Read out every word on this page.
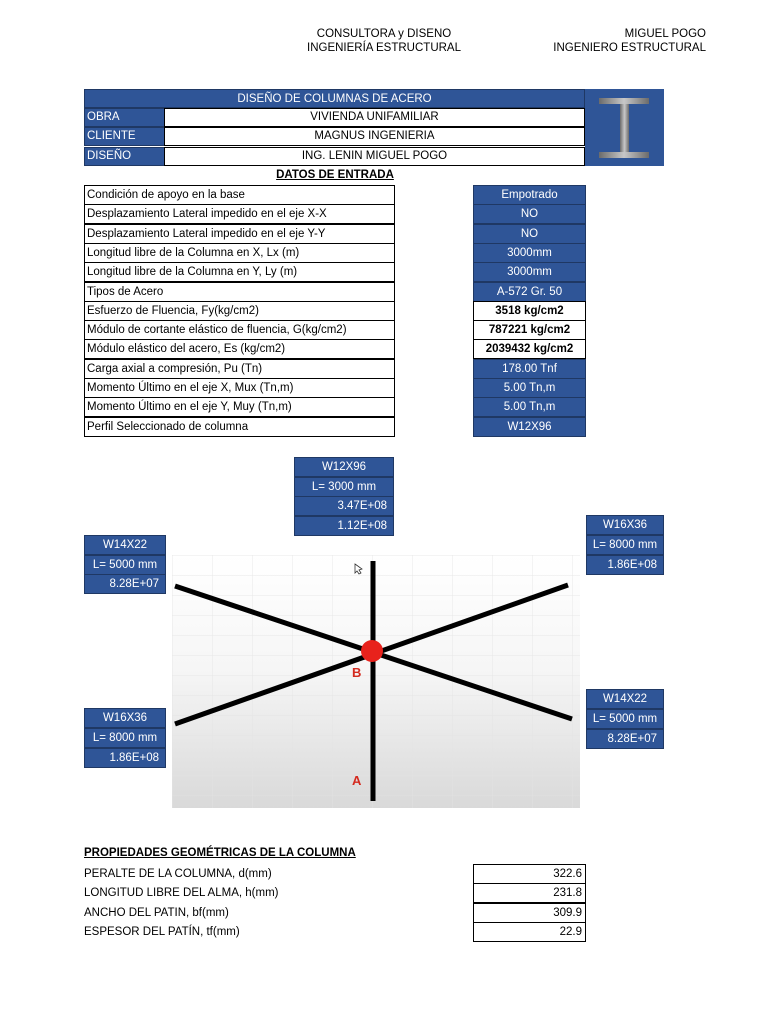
CONSULTORA y DISENO
INGENIERÍA ESTRUCTURAL
MIGUEL POGO
INGENIERO ESTRUCTURAL
DISEÑO DE COLUMNAS DE ACERO
OBRA	VIVIENDA UNIFAMILIAR
CLIENTE	MAGNUS INGENIERIA
DISEÑO	ING. LENIN MIGUEL POGO
DATOS DE ENTRADA
Condición de apoyo en la base	Empotrado
Desplazamiento Lateral impedido en el eje X-X	NO
Desplazamiento Lateral impedido en el eje Y-Y	NO
Longitud libre de la Columna en X, Lx (m)	3000mm
Longitud libre de la Columna en Y, Ly (m)	3000mm
Tipos de Acero	A-572 Gr. 50
Esfuerzo de Fluencia, Fy(kg/cm2)	3518 kg/cm2
Módulo de cortante elástico de fluencia, G(kg/cm2)	787221 kg/cm2
Módulo elástico del acero, Es (kg/cm2)	2039432 kg/cm2
Carga axial a compresión, Pu (Tn)	178.00 Tnf
Momento Último en el eje X, Mux (Tn,m)	5.00 Tn,m
Momento Último en el eje Y, Muy (Tn,m)	5.00 Tn,m
Perfil Seleccionado de columna	W12X96
B
A
W12X96
L= 3000 mm
3.47E+08
1.12E+08
W14X22
L= 5000 mm
8.28E+07
W16X36
L= 8000 mm
1.86E+08
W16X36
L= 8000 mm
1.86E+08
W14X22
L= 5000 mm
8.28E+07
PROPIEDADES GEOMÉTRICAS DE LA COLUMNA
PERALTE DE LA COLUMNA, d(mm)	322.6
LONGITUD LIBRE DEL ALMA, h(mm)	231.8
ANCHO DEL PATIN, bf(mm)	309.9
ESPESOR DEL PATÍN, tf(mm)	22.9
